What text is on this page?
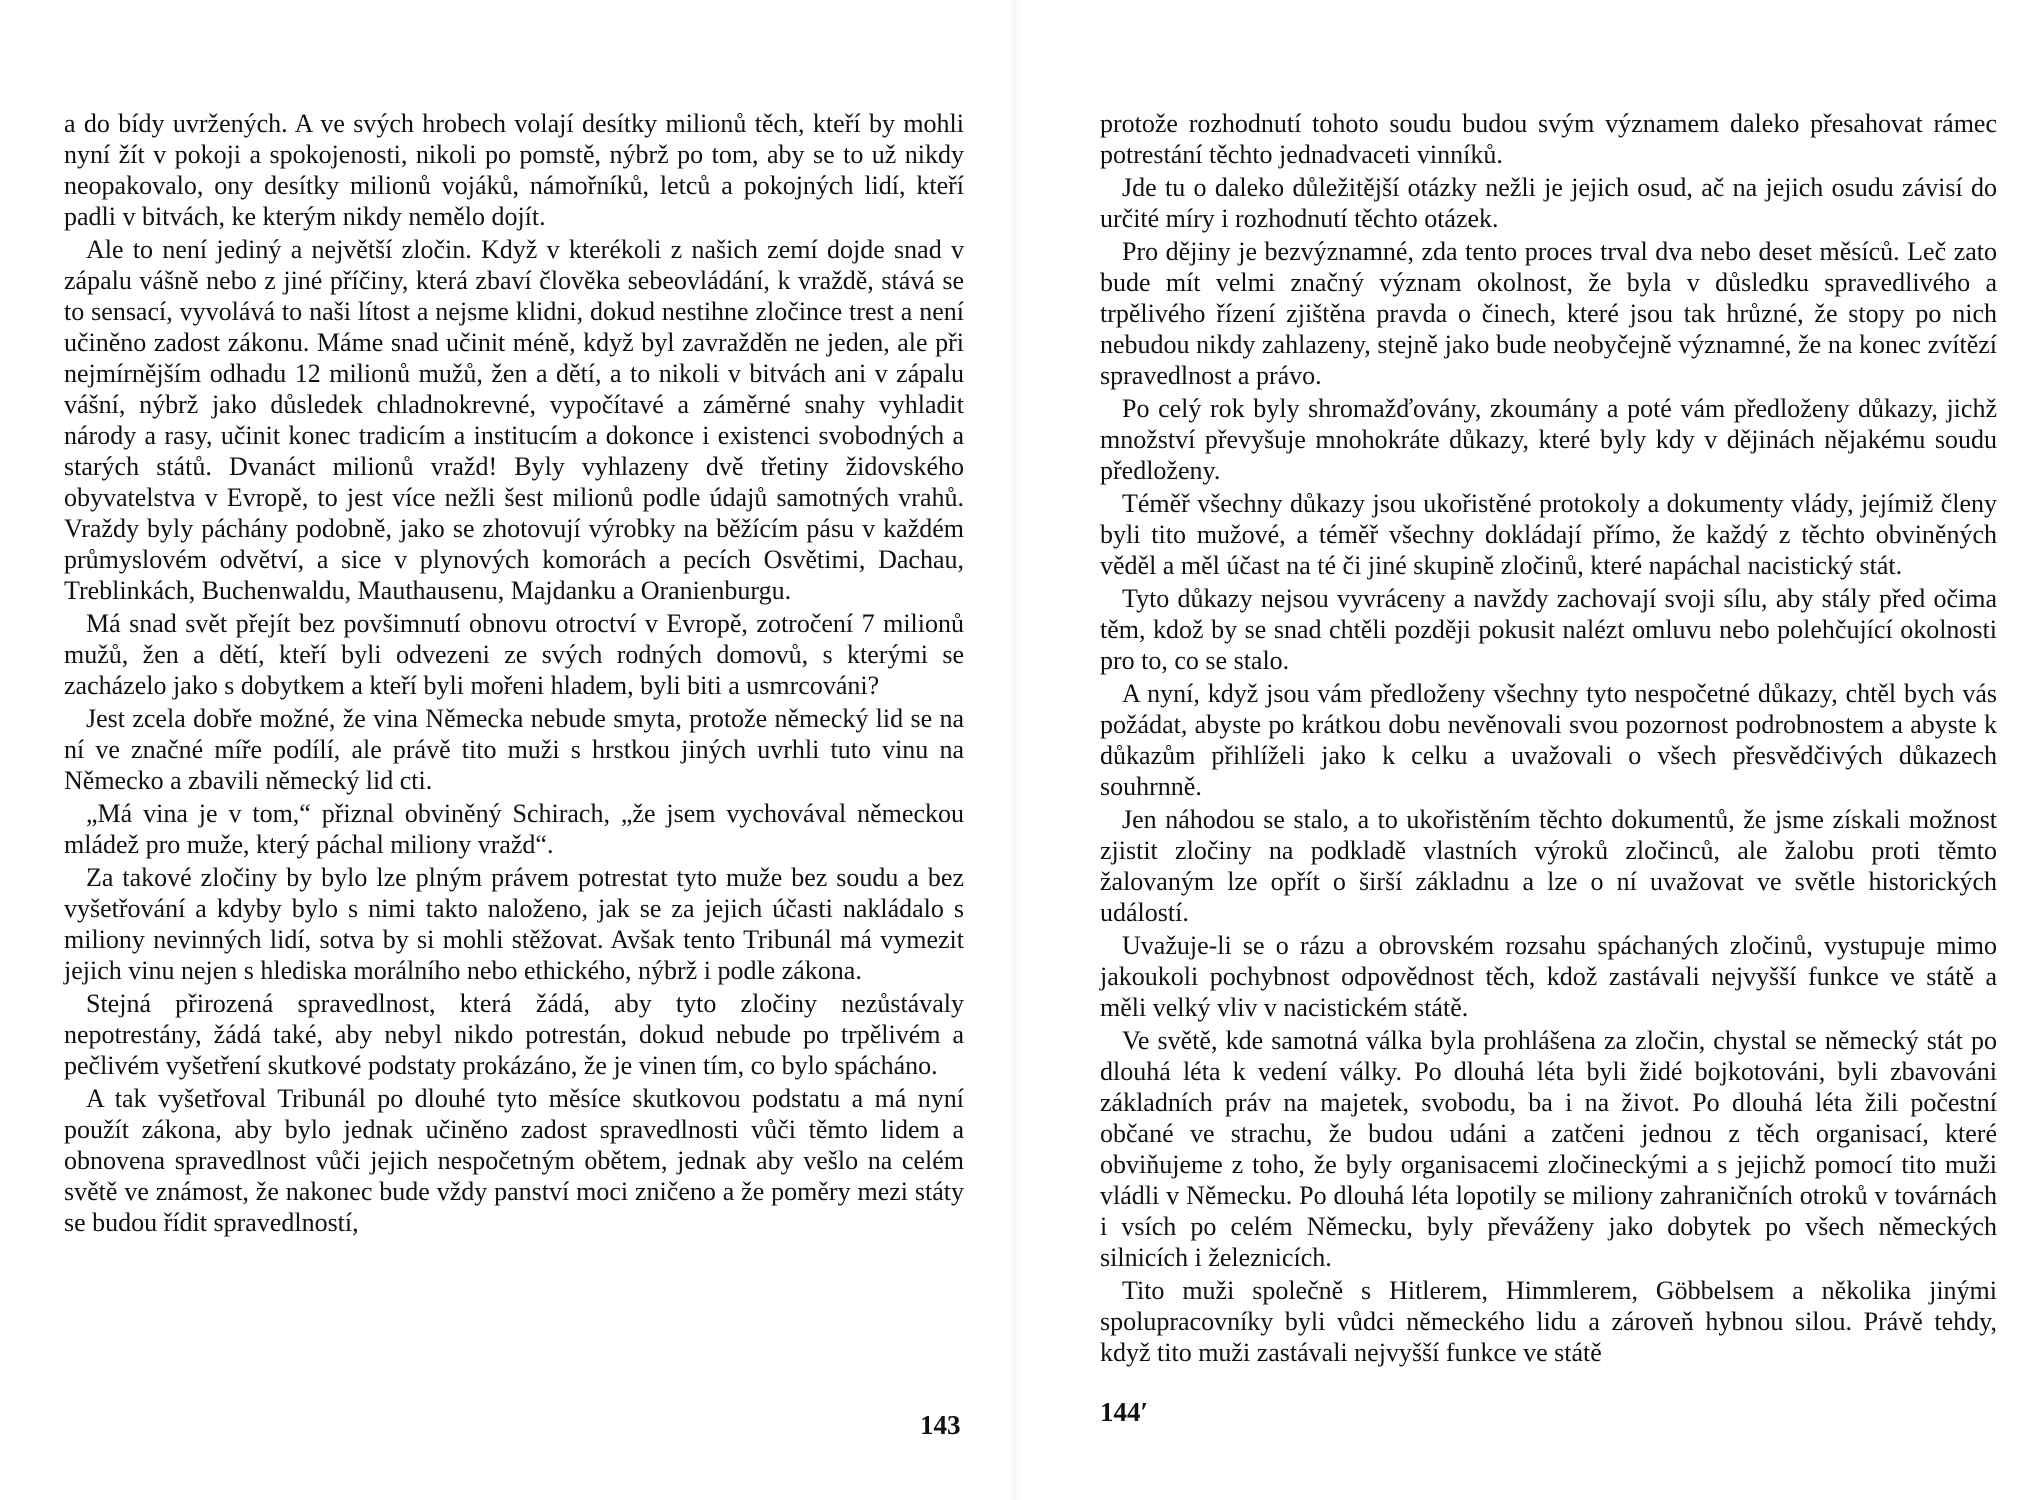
a do bídy uvržených. A ve svých hrobech volají desítky milionů těch, kteří by mohli nyní žít v pokoji a spokojenosti, nikoli po pomstě, nýbrž po tom, aby se to už nikdy neopakovalo, ony desítky milionů vojáků, námořníků, letců a pokojných lidí, kteří padli v bitvách, ke kterým nikdy nemělo dojít.

Ale to není jediný a největší zločin. Když v kterékoli z našich zemí dojde snad v zápalu vášně nebo z jiné příčiny, která zbaví člověka sebeovládání, k vraždě, stává se to sensací, vyvolává to naši lítost a nejsme klidni, dokud nestihne zločince trest a není učiněno zadost zákonu. Máme snad učinit méně, když byl zavražděn ne jeden, ale při nejmírnějším odhadu 12 milionů mužů, žen a dětí, a to nikoli v bitvách ani v zápalu vášní, nýbrž jako důsledek chladnokrevné, vypočítavé a záměrné snahy vyhladit národy a rasy, učinit konec tradicím a institucím a dokonce i existenci svobodných a starých států. Dvanáct milionů vražd! Byly vyhlazeny dvě třetiny židovského obyvatelstva v Evropě, to jest více nežli šest milionů podle údajů samotných vrahů. Vraždy byly páchány podobně, jako se zhotovují výrobky na běžícím pásu v každém průmyslovém odvětví, a sice v plynových komorách a pecích Osvětimi, Dachau, Treblinkách, Buchenwaldu, Mauthausenu, Majdanku a Oranienburgu.

Má snad svět přejít bez povšimnutí obnovu otroctví v Evropě, zotročení 7 milionů mužů, žen a dětí, kteří byli odvezeni ze svých rodných domovů, s kterými se zacházelo jako s dobytkem a kteří byli mořeni hladem, byli biti a usmrcováni?

Jest zcela dobře možné, že vina Německa nebude smyta, protože německý lid se na ní ve značné míře podílí, ale právě tito muži s hrstkou jiných uvrhli tuto vinu na Německo a zbavili německý lid cti.

„Má vina je v tom,“ přiznal obviněný Schirach, „že jsem vychovával německou mládež pro muže, který páchal miliony vražd“.

Za takové zločiny by bylo lze plným právem potrestat tyto muže bez soudu a bez vyšetřování a kdyby bylo s nimi takto naloženo, jak se za jejich účasti nakládalo s miliony nevinných lidí, sotva by si mohli stěžovat. Avšak tento Tribunál má vymezit jejich vinu nejen s hlediska morálního nebo ethického, nýbrž i podle zákona.

Stejná přirozená spravedlnost, která žádá, aby tyto zločiny nezůstávaly nepotrestány, žádá také, aby nebyl nikdo potrestán, dokud nebude po trpělivém a pečlivém vyšetření skutkové podstaty prokázáno, že je vinen tím, co bylo spácháno.

A tak vyšetřoval Tribunál po dlouhé tyto měsíce skutkovou podstatu a má nyní použít zákona, aby bylo jednak učiněno zadost spravedlnosti vůči těmto lidem a obnovena spravedlnost vůči jejich nespočetným obětem, jednak aby vešlo na celém světě ve známost, že nakonec bude vždy panství moci zničeno a že poměry mezi státy se budou řídit spravedlností,

143

protože rozhodnutí tohoto soudu budou svým významem daleko přesahovat rámec potrestání těchto jednadvaceti vinníků.

Jde tu o daleko důležitější otázky nežli je jejich osud, ač na jejich osudu závisí do určité míry i rozhodnutí těchto otázek.

Pro dějiny je bezvýznamné, zda tento proces trval dva nebo deset měsíců. Leč zato bude mít velmi značný význam okolnost, že byla v důsledku spravedlivého a trpělivého řízení zjištěna pravda o činech, které jsou tak hrůzné, že stopy po nich nebudou nikdy zahlazeny, stejně jako bude neobyčejně významné, že na konec zvítězí spravedlnost a právo.

Po celý rok byly shromažďovány, zkoumány a poté vám předloženy důkazy, jichž množství převyšuje mnohokráte důkazy, které byly kdy v dějinách nějakému soudu předloženy.

Téměř všechny důkazy jsou ukořistěné protokoly a dokumenty vlády, jejímiž členy byli tito mužové, a téměř všechny dokládají přímo, že každý z těchto obviněných věděl a měl účast na té či jiné skupině zločinů, které napáchal nacistický stát.

Tyto důkazy nejsou vyvráceny a navždy zachovají svoji sílu, aby stály před očima těm, kdož by se snad chtěli později pokusit nalézt omluvu nebo polehčující okolnosti pro to, co se stalo.

A nyní, když jsou vám předloženy všechny tyto nespočetné důkazy, chtěl bych vás požádat, abyste po krátkou dobu nevěnovali svou pozornost podrobnostem a abyste k důkazům přihlíželi jako k celku a uvažovali o všech přesvědčivých důkazech souhrnně.

Jen náhodou se stalo, a to ukořistěním těchto dokumentů, že jsme získali možnost zjistit zločiny na podkladě vlastních výroků zločinců, ale žalobu proti těmto žalovaným lze opřít o širší základnu a lze o ní uvažovat ve světle historických událostí.

Uvažuje-li se o rázu a obrovském rozsahu spáchaných zločinů, vystupuje mimo jakoukoli pochybnost odpovědnost těch, kdož zastávali nejvyšší funkce ve státě a měli velký vliv v nacistickém státě.

Ve světě, kde samotná válka byla prohlášena za zločin, chystal se německý stát po dlouhá léta k vedení války. Po dlouhá léta byli židé bojkotováni, byli zbavováni základních práv na majetek, svobodu, ba i na život. Po dlouhá léta žili počestní občané ve strachu, že budou udáni a zatčeni jednou z těch organisací, které obviňujeme z toho, že byly organisacemi zločineckými a s jejichž pomocí tito muži vládli v Německu. Po dlouhá léta lopotily se miliony zahraničních otroků v továrnách i vsích po celém Německu, byly převáženy jako dobytek po všech německých silnicích i železnicích.

Tito muži společně s Hitlerem, Himmlerem, Göbbelsem a několika jinými spolupracovníky byli vůdci německého lidu a zároveň hybnou silou. Právě tehdy, když tito muži zastávali nejvyšší funkce ve státě

144′
